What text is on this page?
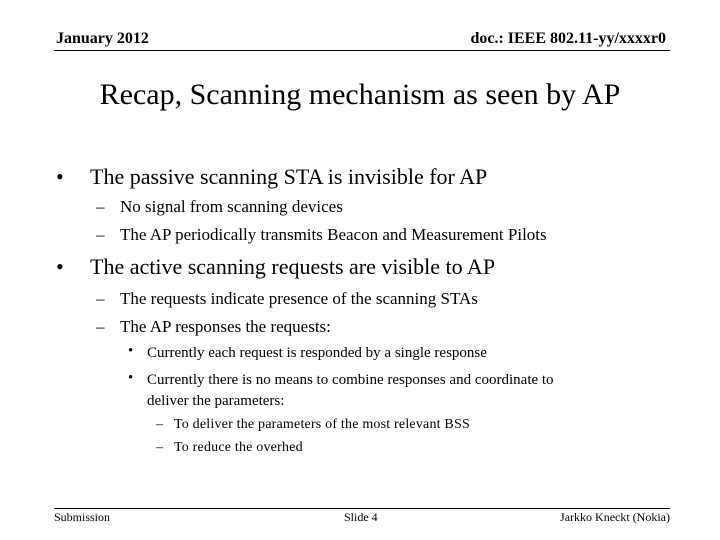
January 2012	doc.: IEEE 802.11-yy/xxxxr0
Recap, Scanning mechanism as seen by AP
• The passive scanning STA is invisible for AP
– No signal from scanning devices
– The AP periodically transmits Beacon and Measurement Pilots
• The active scanning requests are visible to AP
– The requests indicate presence of the scanning STAs
– The AP responses the requests:
• Currently each request is responded by a single response
• Currently there is no means to combine responses and coordinate to
deliver the parameters:
– To deliver the parameters of the most relevant BSS
– To reduce the overhed
Submission	Slide 4	Jarkko Kneckt (Nokia)
